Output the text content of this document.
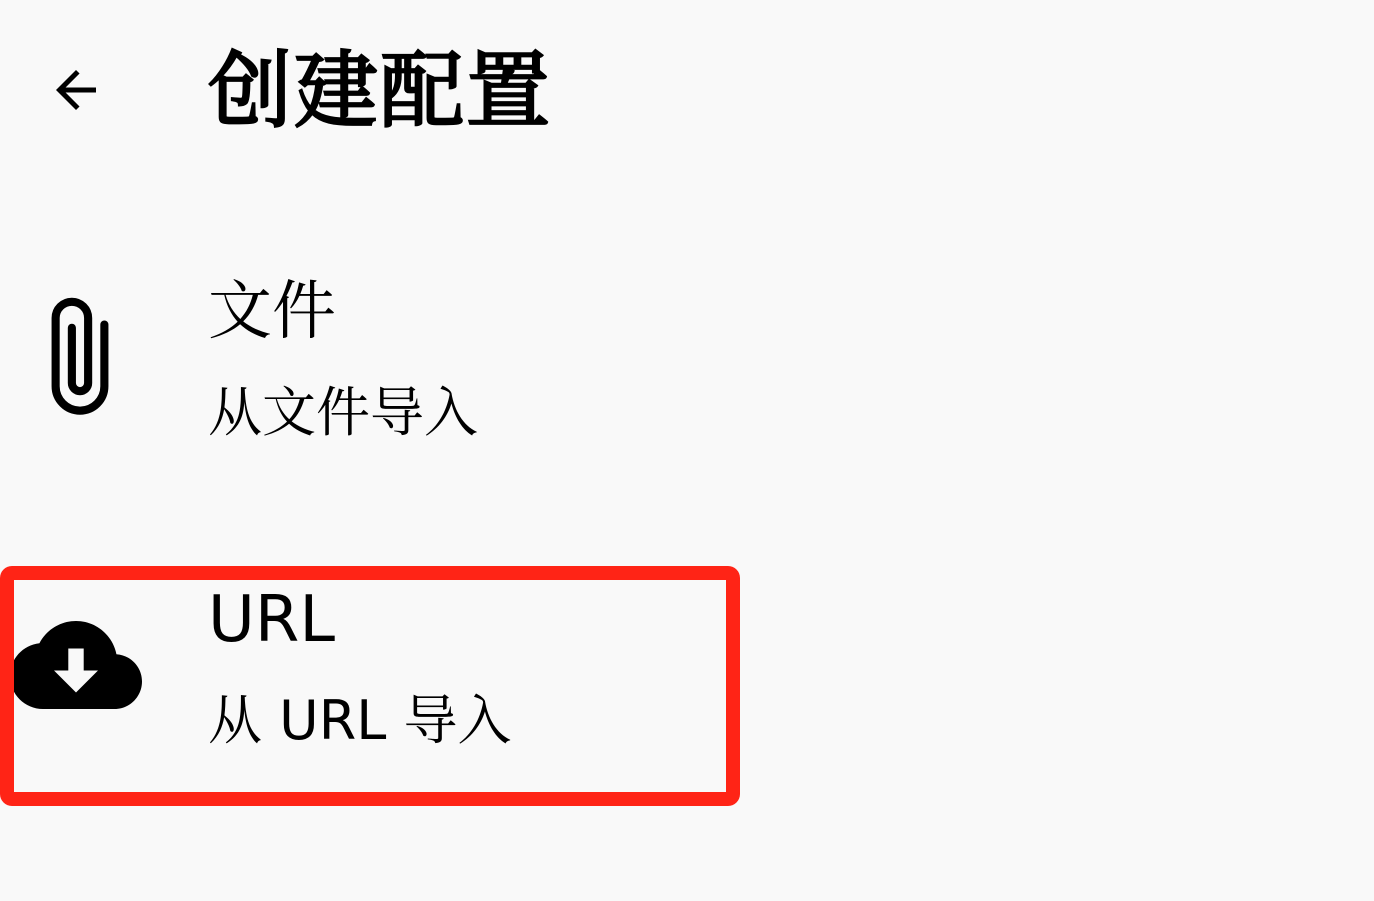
创建配置
文件
从文件导入
URL
从 URL 导入
